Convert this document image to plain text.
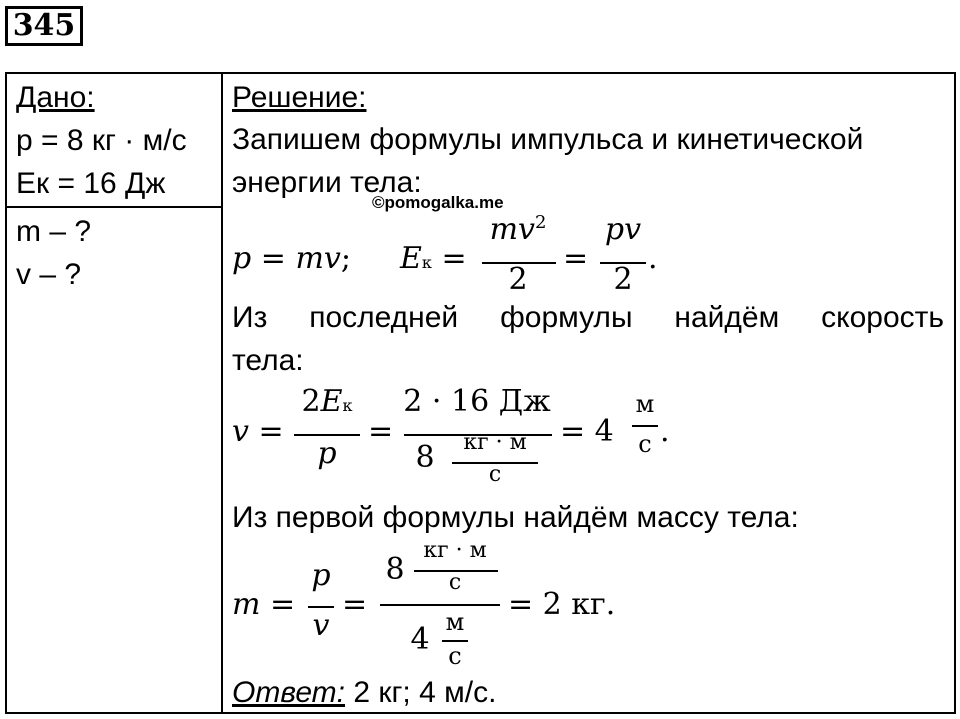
345
Дано:
p = 8 кг · м/с
Eк = 16 Дж
m – ?
v – ?
Решение:
Запишем формулы импульса и кинетической
энергии тела:
©pomogalka.me
p = mv; Eк =
$mv^2$
2
=
pv
2
.
Из последней формулы найдём скорость
тела:
v =
2Eк
p
=
2 · 16 Дж
8	кг · м
с
= 4
м
с .
Из первой формулы найдём массу тела:
m =
p
v
=
8
кг · м
с
4 м
с
= 2 кг.
Ответ: 2 кг; 4 м/с.
